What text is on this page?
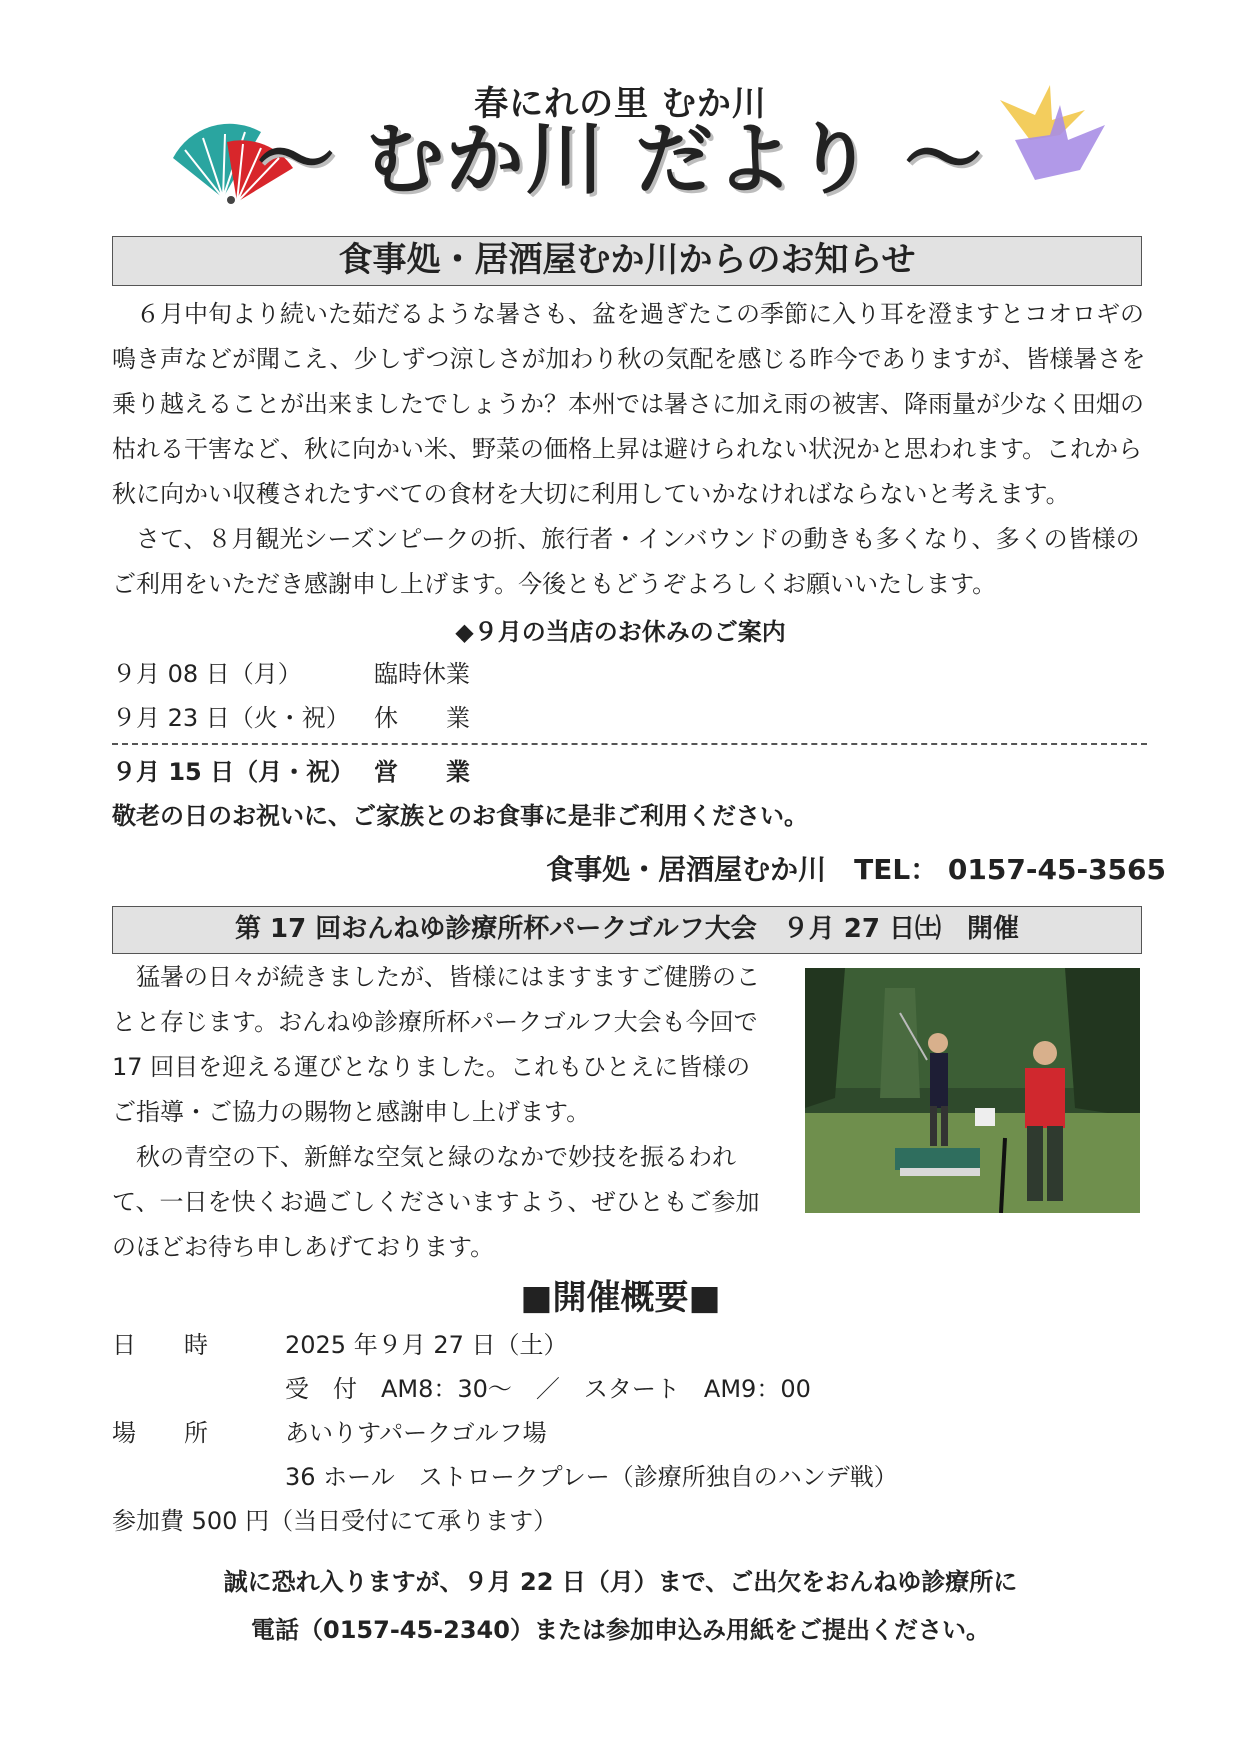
春にれの里 むか川
～ むか川 だより ～
食事処・居酒屋むか川からのお知らせ

６月中旬より続いた茹だるような暑さも、盆を過ぎたこの季節に入り耳を澄ますとコオロギの鳴き声などが聞こえ、少しずつ涼しさが加わり秋の気配を感じる昨今でありますが、皆様暑さを乗り越えることが出来ましたでしょうか？本州では暑さに加え雨の被害、降雨量が少なく田畑の枯れる干害など、秋に向かい米、野菜の価格上昇は避けられない状況かと思われます。これから秋に向かい収穫されたすべての食材を大切に利用していかなければならないと考えます。

さて、８月観光シーズンピークの折、旅行者・インバウンドの動きも多くなり、多くの皆様のご利用をいただき感謝申し上げます。今後ともどうぞよろしくお願いいたします。

◆９月の当店のお休みのご案内
９月 08 日（月）	臨時休業
９月 23 日（火・祝） 休　　業
９月 15 日（月・祝） 営　　業
敬老の日のお祝いに、ご家族とのお食事に是非ご利用ください。
食事処・居酒屋むか川　TEL： 0157-45-3565
第 17 回おんねゆ診療所杯パークゴルフ大会　９月 27 日㈯　開催

猛暑の日々が続きましたが、皆様にはますますご健勝のことと存じます。おんねゆ診療所杯パークゴルフ大会も今回で 17 回目を迎える運びとなりました。これもひとえに皆様のご指導・ご協力の賜物と感謝申し上げます。

秋の青空の下、新鮮な空気と緑のなかで妙技を振るわれて、一日を快くお過ごしくださいますよう、ぜひともご参加のほどお待ち申しあげております。

■開催概要■
日　　時	2025 年９月 27 日（土）
受　付　AM8：30～　／　スタート　AM9：00
場　　所	あいりすパークゴルフ場
36 ホール　ストロークプレー（診療所独自のハンデ戦）
参加費 500 円（当日受付にて承ります）
誠に恐れ入りますが、９月 22 日（月）まで、ご出欠をおんねゆ診療所に
電話（0157-45-2340）または参加申込み用紙をご提出ください。
